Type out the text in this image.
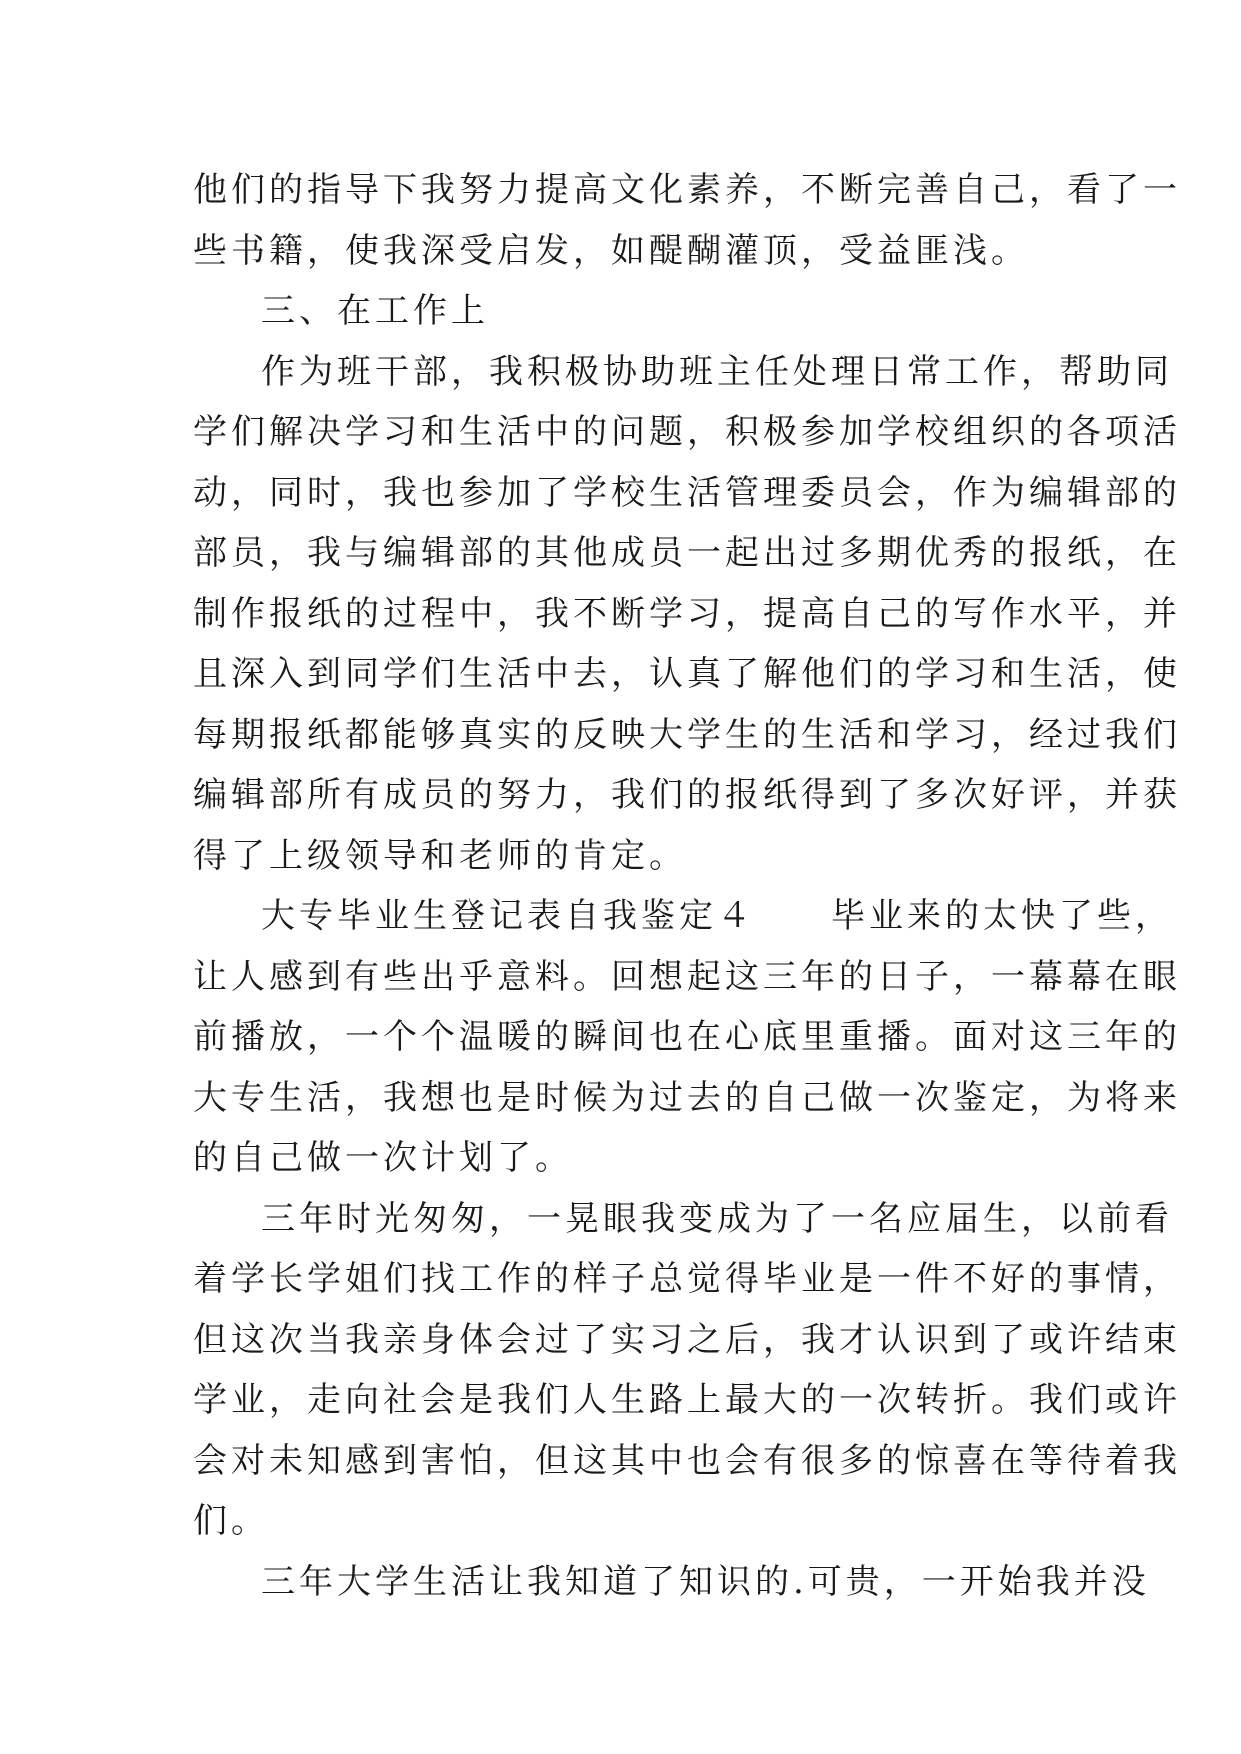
他们的指导下我努力提高文化素养，不断完善自己，看了一
些书籍，使我深受启发，如醍醐灌顶，受益匪浅。
三、在工作上
作为班干部，我积极协助班主任处理日常工作，帮助同
学们解决学习和生活中的问题，积极参加学校组织的各项活
动，同时，我也参加了学校生活管理委员会，作为编辑部的
部员，我与编辑部的其他成员一起出过多期优秀的报纸，在
制作报纸的过程中，我不断学习，提高自己的写作水平，并
且深入到同学们生活中去，认真了解他们的学习和生活，使
每期报纸都能够真实的反映大学生的生活和学习，经过我们
编辑部所有成员的努力，我们的报纸得到了多次好评，并获
得了上级领导和老师的肯定。
大专毕业生登记表自我鉴定４　　毕业来的太快了些，
让人感到有些出乎意料。回想起这三年的日子，一幕幕在眼
前播放，一个个温暖的瞬间也在心底里重播。面对这三年的
大专生活，我想也是时候为过去的自己做一次鉴定，为将来
的自己做一次计划了。
三年时光匆匆，一晃眼我变成为了一名应届生，以前看
着学长学姐们找工作的样子总觉得毕业是一件不好的事情，
但这次当我亲身体会过了实习之后，我才认识到了或许结束
学业，走向社会是我们人生路上最大的一次转折。我们或许
会对未知感到害怕，但这其中也会有很多的惊喜在等待着我
们。
三年大学生活让我知道了知识的.可贵，一开始我并没
